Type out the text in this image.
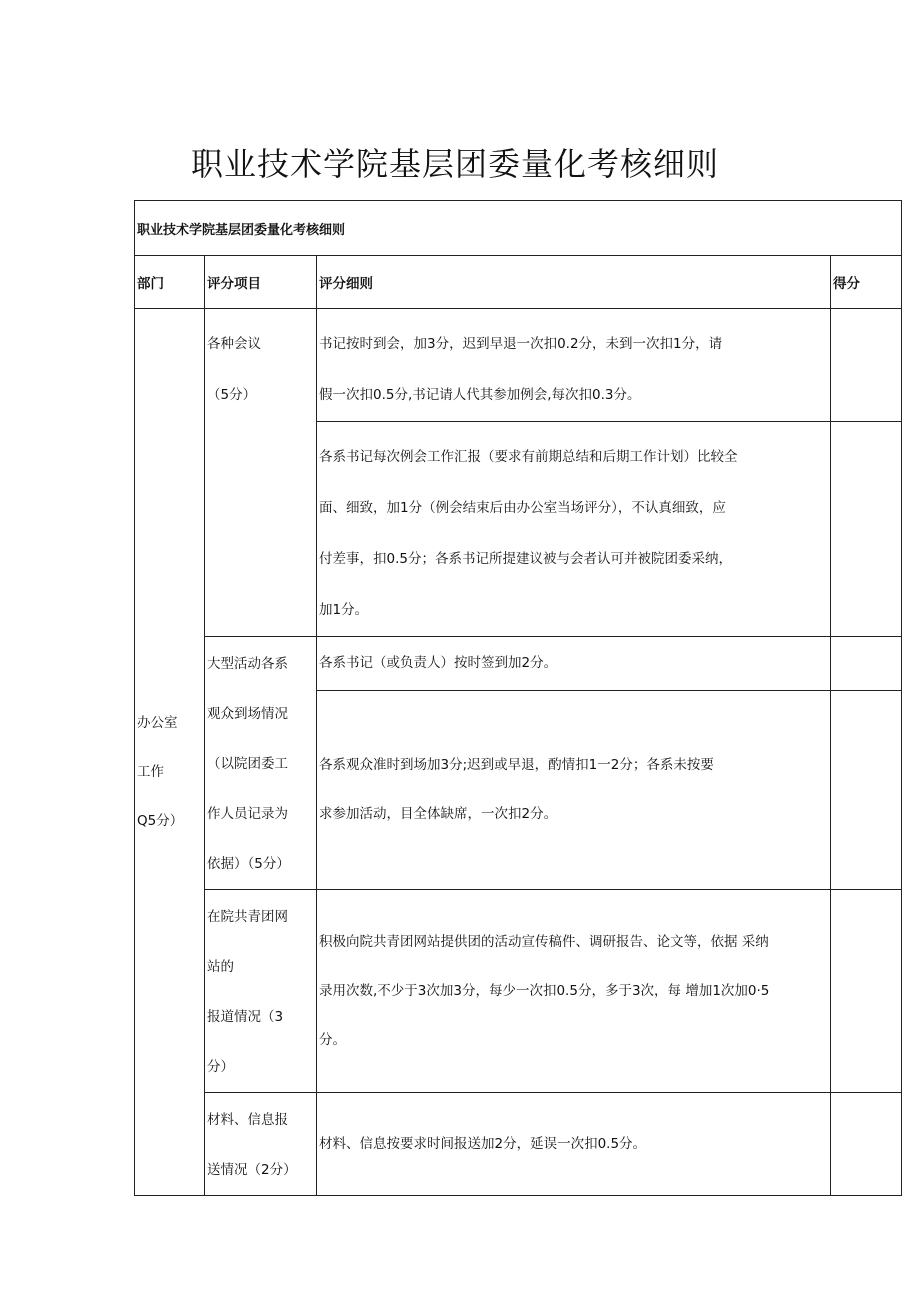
职业技术学院基层团委量化考核细则
职业技术学院基层团委量化考核细则			
部门	评分项目	评分细则	得分

办公室
工作
Q5分）	各种会议
（5分）	书记按时到会，加3分，迟到早退一次扣0.2分，未到一次扣1分，请
假一次扣0.5分,书记请人代其参加例会,每次扣0.3分。	

		各系书记每次例会工作汇报（要求有前期总结和后期工作计划）比较全
面、细致，加1分（例会结束后由办公室当场评分），不认真细致，应
付差事，扣0.5分；各系书记所提建议被与会者认可并被院团委采纳，
加1分。	

	大型活动各系
观众到场情况
（以院团委工
作人员记录为
依据）（5分）	各系书记（或负责人）按时签到加2分。	

		各系观众准时到场加3分;迟到或早退，酌情扣1一2分；各系未按要
求参加活动，目全体缺席，一次扣2分。	

	在院共青团网
站的
报道情况（3
分）	积极向院共青团网站提供团的活动宣传稿件、调研报告、论文等，依据 采纳
录用次数,不少于3次加3分，每少一次扣0.5分，多于3次，每 增加1次加0·5
分。	

	材料、信息报
送情况（2分）	材料、信息按要求时间报送加2分，延误一次扣0.5分。	
